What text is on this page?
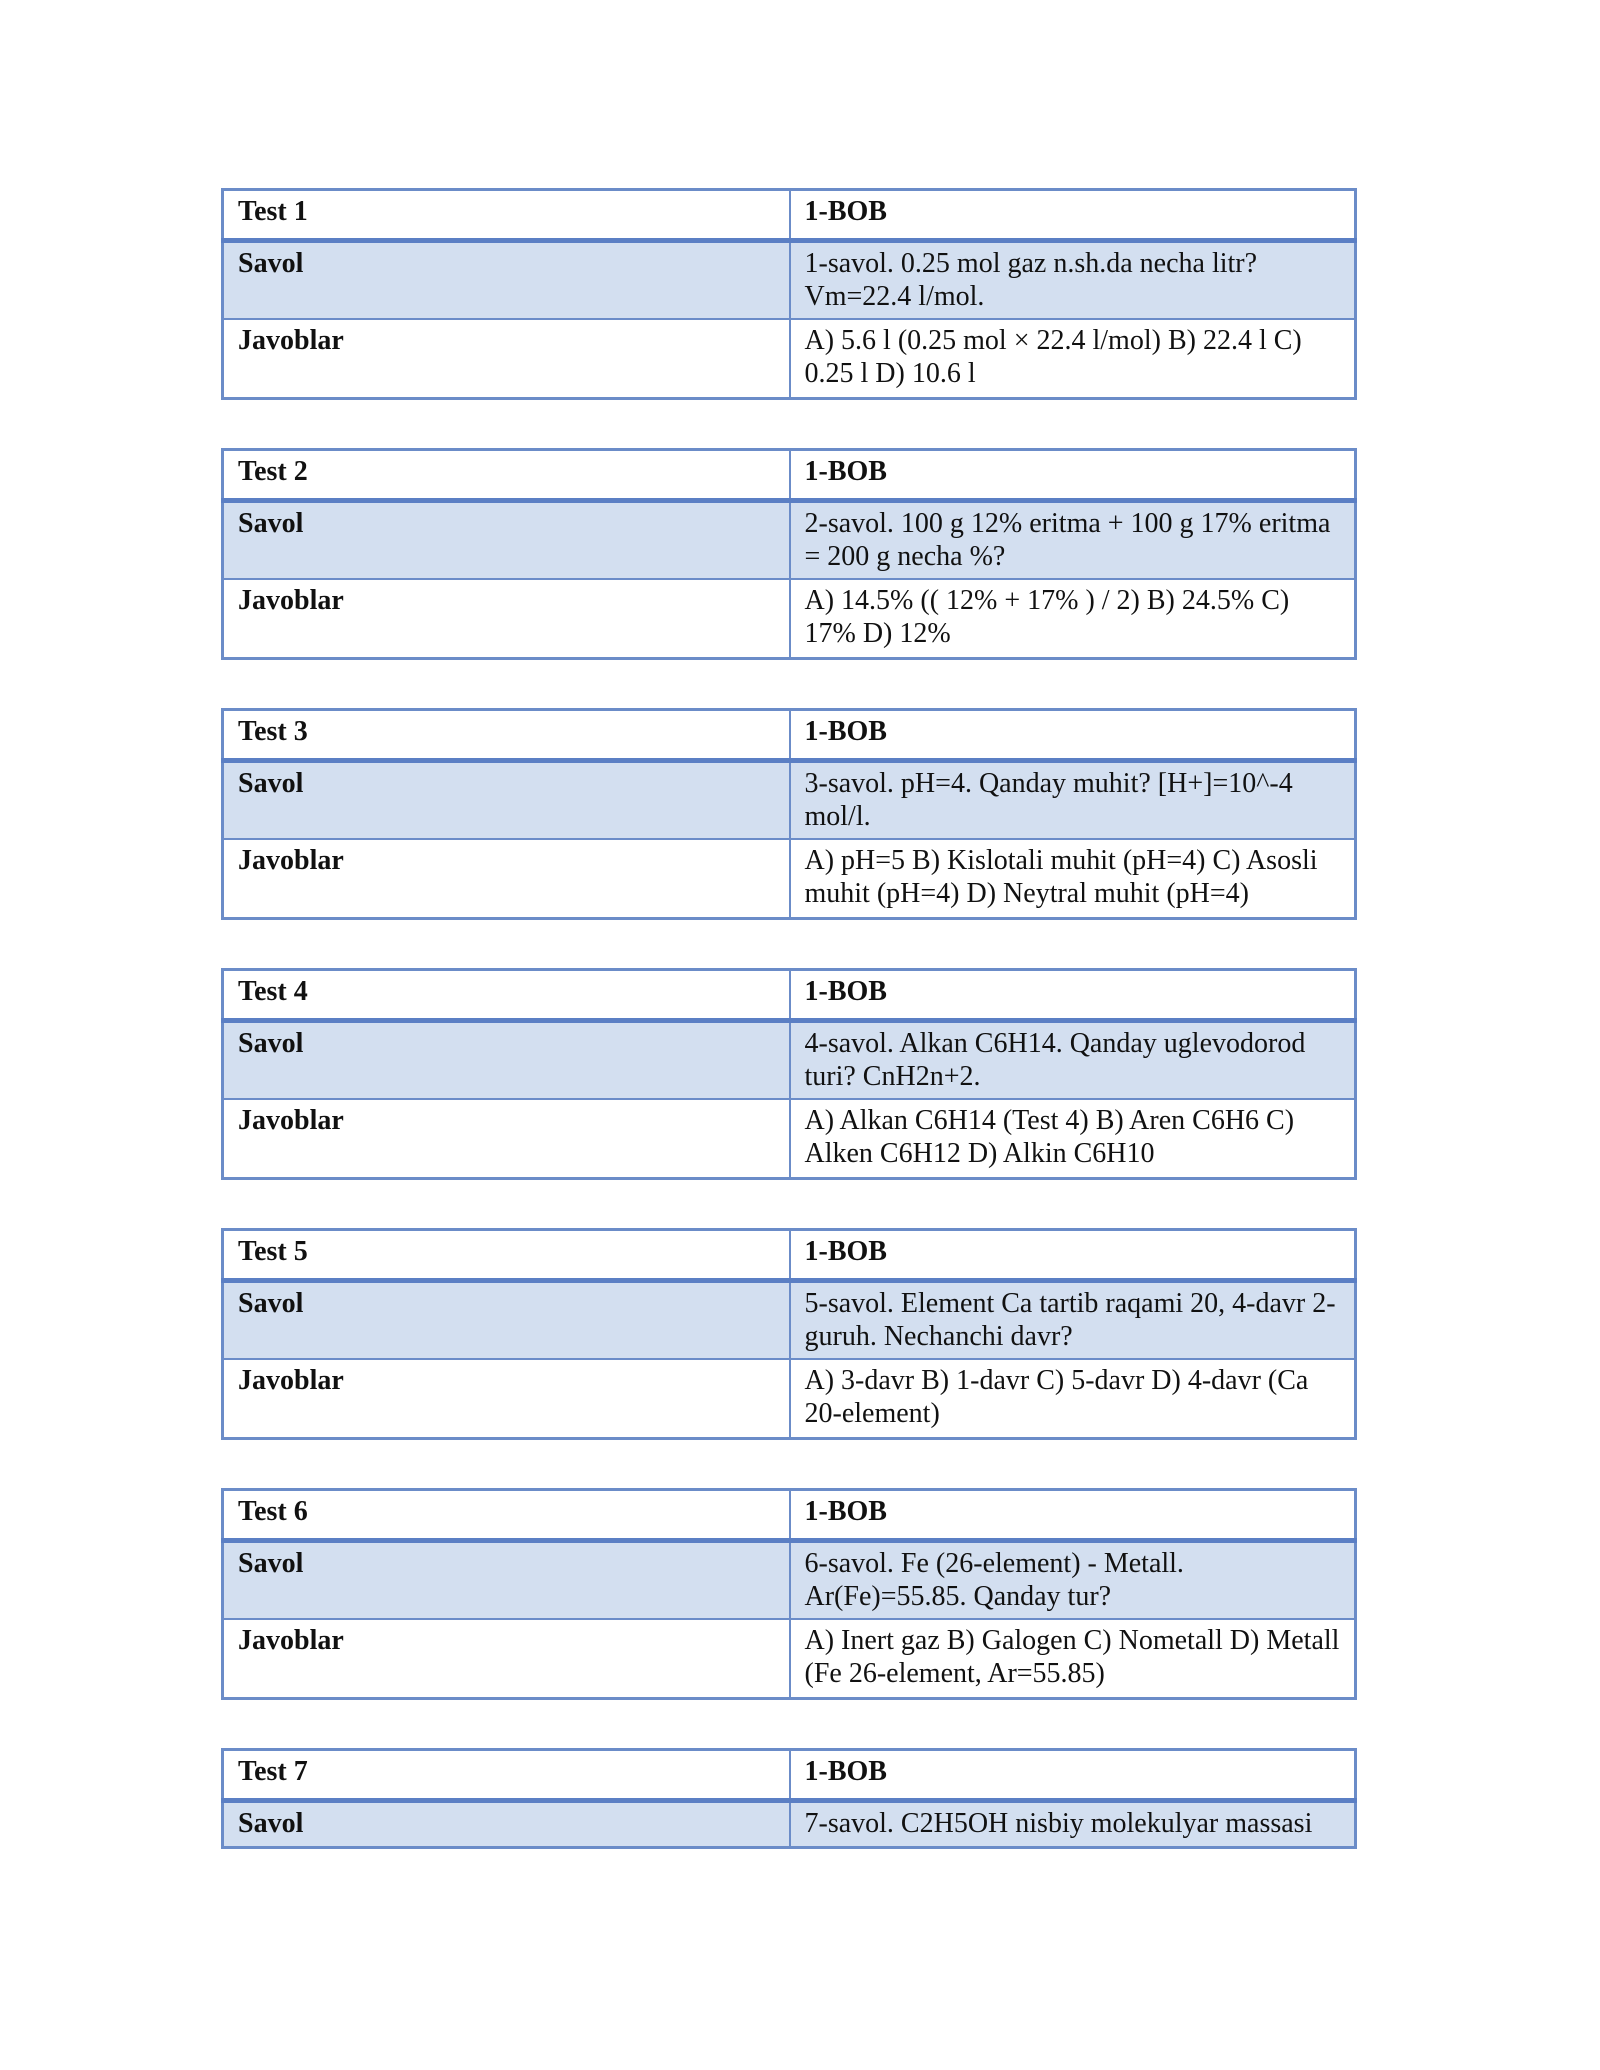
Test 1	1-BOB
Savol	1-savol. 0.25 mol gaz n.sh.da necha litr? Vm=22.4 l/mol.
Javoblar	A) 5.6 l (0.25 mol × 22.4 l/mol) B) 22.4 l C) 0.25 l D) 10.6 l
Test 2	1-BOB
Savol	2-savol. 100 g 12% eritma + 100 g 17% eritma = 200 g necha %?
Javoblar	A) 14.5% (( 12% + 17% ) / 2) B) 24.5% C) 17% D) 12%
Test 3	1-BOB
Savol	3-savol. pH=4. Qanday muhit? [H+]=10^-4 mol/l.
Javoblar	A) pH=5 B) Kislotali muhit (pH=4) C) Asosli muhit (pH=4) D) Neytral muhit (pH=4)
Test 4	1-BOB
Savol	4-savol. Alkan C6H14. Qanday uglevodorod turi? CnH2n+2.
Javoblar	A) Alkan C6H14 (Test 4) B) Aren C6H6 C) Alken C6H12 D) Alkin C6H10
Test 5	1-BOB
Savol	5-savol. Element Ca tartib raqami 20, 4-davr 2-guruh. Nechanchi davr?
Javoblar	A) 3-davr B) 1-davr C) 5-davr D) 4-davr (Ca 20-element)
Test 6	1-BOB
Savol	6-savol. Fe (26-element) - Metall. Ar(Fe)=55.85. Qanday tur?
Javoblar	A) Inert gaz B) Galogen C) Nometall D) Metall (Fe 26-element, Ar=55.85)
Test 7	1-BOB
Savol	7-savol. C2H5OH nisbiy molekulyar massasi
